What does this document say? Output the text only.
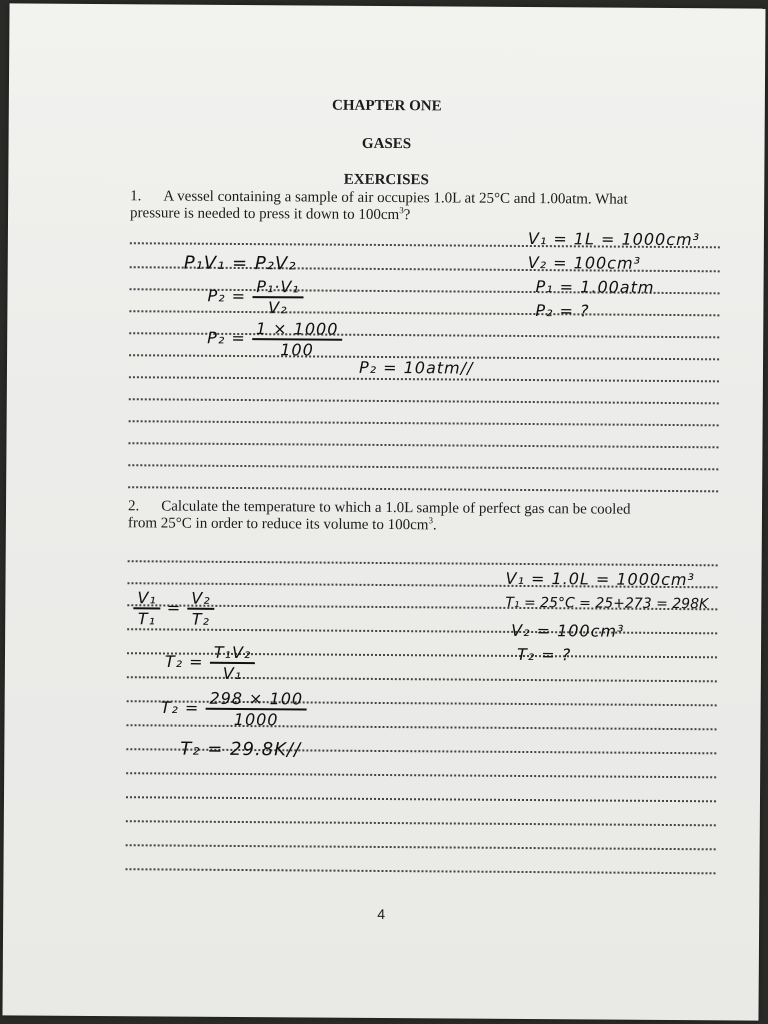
CHAPTER ONE
GASES
EXERCISES
1. A vessel containing a sample of air occupies 1.0L at 25°C and 1.00atm. What
pressure is needed to press it down to $100cm^3$?
V₁ = 1L = 1000cm³
V₂ = 100cm³
P₁ = 1.00atm
P₂ = ?
P₁V₁ = P₂V₂
$P_2 = \frac{\text{P₁·V₁}}{\text{V₂}}$
$P_2 = \frac{1 \times 1000}{100}$
P₂ = 10atm//
2. Calculate the temperature to which a 1.0L sample of perfect gas can be cooled
from 25°C in order to reduce its volume to $100cm^3$.
V₁ = 1.0L = 1000cm³
T₁ = 25°C = 25+273 = 298K
V₂ = 100cm³
T₂ = ?
$\frac{\text{V₁}}{\text{T₁}} = \frac{\text{V₂}}{\text{T₂}}$
$T_2 = \frac{\text{T₁V₂}}{\text{V₁}}$
$T_2 = \frac{298 \times 100}{1000}$
T₂ = 29.8K//
4
